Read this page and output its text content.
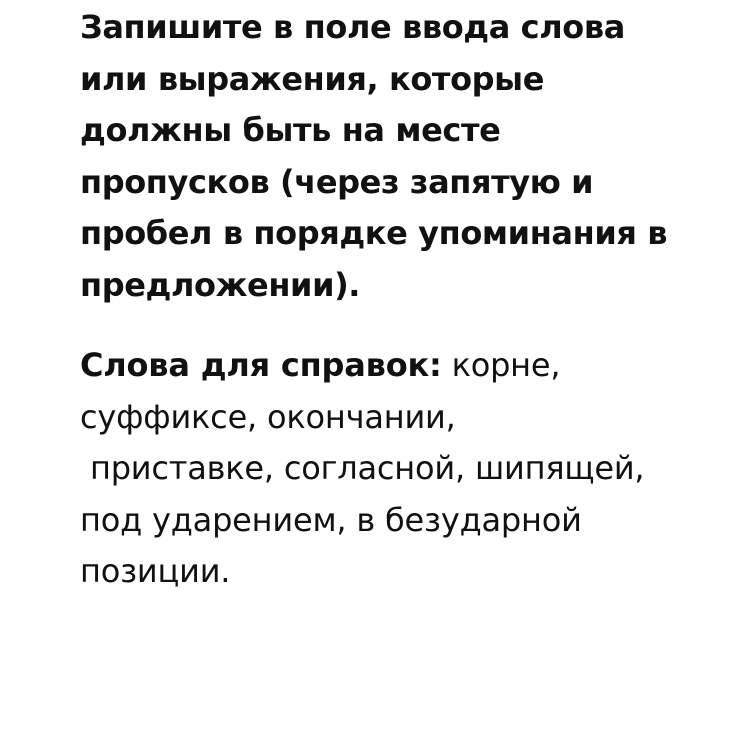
Запишите в поле ввода слова
или выражения, которые
должны быть на месте
пропусков (через запятую и
пробел в порядке упоминания в
предложении).

Слова для справок: корне,
суффиксе, окончании,
приставке, согласной, шипящей,
под ударением, в безударной
позиции.
